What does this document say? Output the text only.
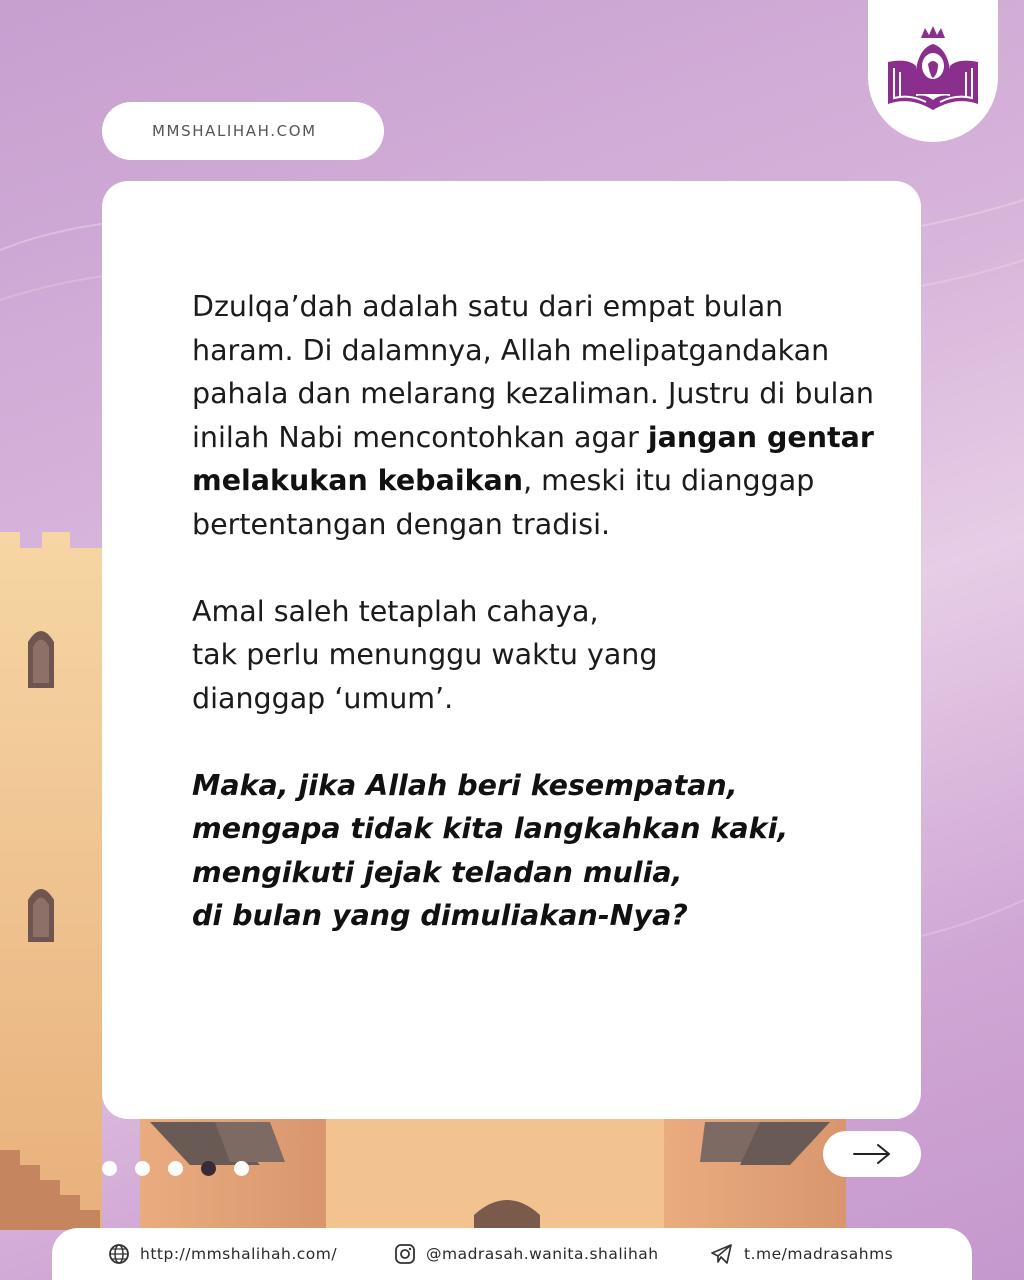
MMSHALIHAH.COM

Dzulqa’dah adalah satu dari empat bulan haram. Di dalamnya, Allah melipatgandakan pahala dan melarang kezaliman. Justru di bulan inilah Nabi mencontohkan agar jangan gentar melakukan kebaikan, meski itu dianggap bertentangan dengan tradisi.

Amal saleh tetaplah cahaya,
tak perlu menunggu waktu yang
dianggap ‘umum’.

Maka, jika Allah beri kesempatan,
mengapa tidak kita langkahkan kaki,
mengikuti jejak teladan mulia,
di bulan yang dimuliakan-Nya?

http://mmshalihah.com/	@madrasah.wanita.shalihah	t.me/madrasahms
